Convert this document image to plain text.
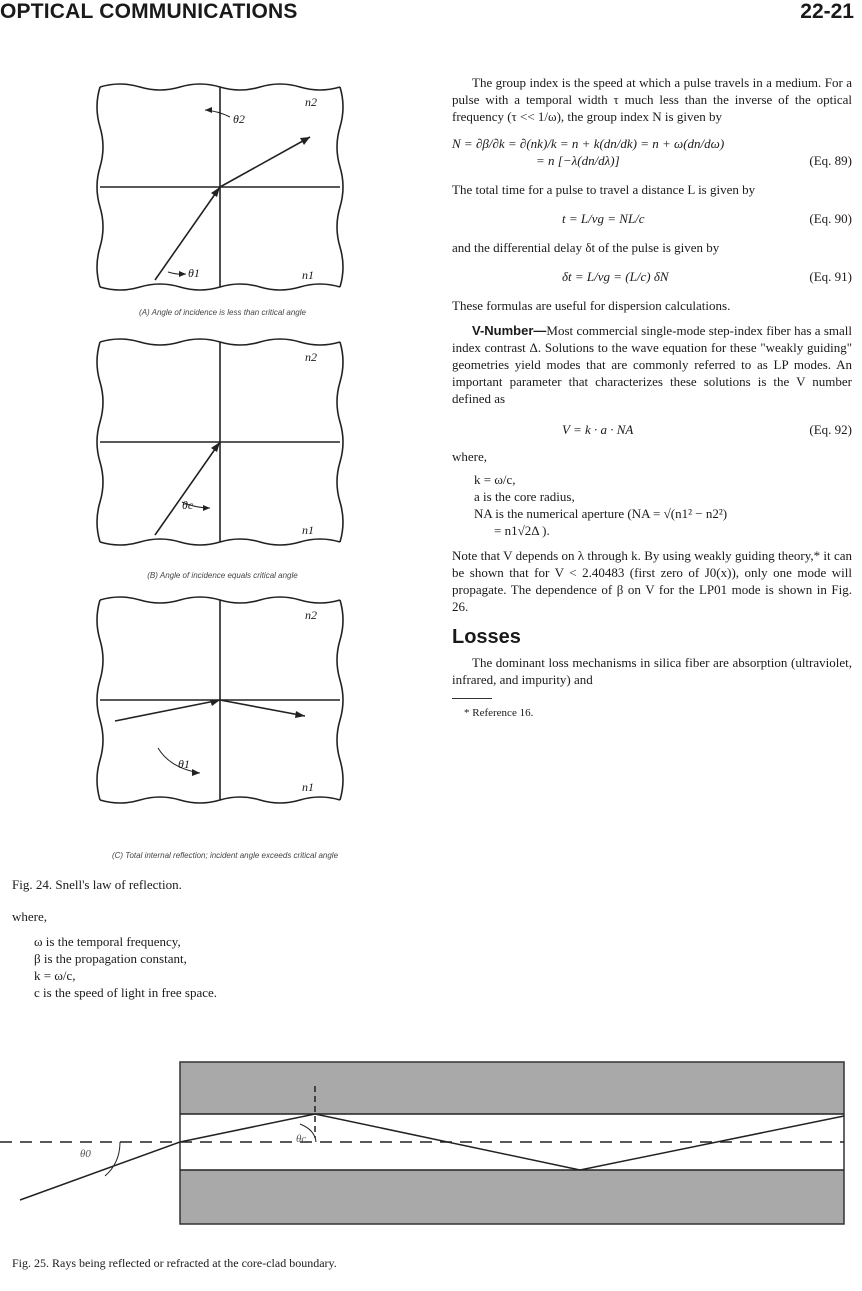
OPTICAL COMMUNICATIONS	22-21
n2
n1
θ2
θ1
(A) Angle of incidence is less than critical angle
n2
n1
θc
(B) Angle of incidence equals critical angle
n2
n1
θ1
(C) Total internal reflection; incident angle exceeds critical angle
Fig. 24. Snell's law of reflection.

where,

ω is the temporal frequency,

β is the propagation constant,

k = ω/c,

c is the speed of light in free space.

The group index is the speed at which a pulse travels in a medium. For a pulse with a temporal width τ much less than the inverse of the optical frequency (τ << 1/ω), the group index N is given by

N = ∂β/∂k = ∂(nk)/k = n + k(dn/dk) = n + ω(dn/dω)
= n [−λ(dn/dλ)]	(Eq. 89)

The total time for a pulse to travel a distance L is given by

t = L/vg = NL/c	(Eq. 90)

and the differential delay δt of the pulse is given by

δt = L/vg = (L/c) δN	(Eq. 91)

These formulas are useful for dispersion calculations.

V-Number—Most commercial single-mode step-index fiber has a small index contrast Δ. Solutions to the wave equation for these "weakly guiding" geometries yield modes that are commonly referred to as LP modes. An important parameter that characterizes these solutions is the V number defined as

V = k · a · NA	(Eq. 92)

where,

k = ω/c,

a is the core radius,

NA is the numerical aperture (NA = √(n1² − n2²)

= n1√2Δ ).

Note that V depends on λ through k. By using weakly guiding theory,* it can be shown that for V < 2.40483 (first zero of J0(x)), only one mode will propagate. The dependence of β on V for the LP01 mode is shown in Fig. 26.

Losses

The dominant loss mechanisms in silica fiber are absorption (ultraviolet, infrared, and impurity) and

* Reference 16.

θc
θ0
Fig. 25. Rays being reflected or refracted at the core-clad boundary.
